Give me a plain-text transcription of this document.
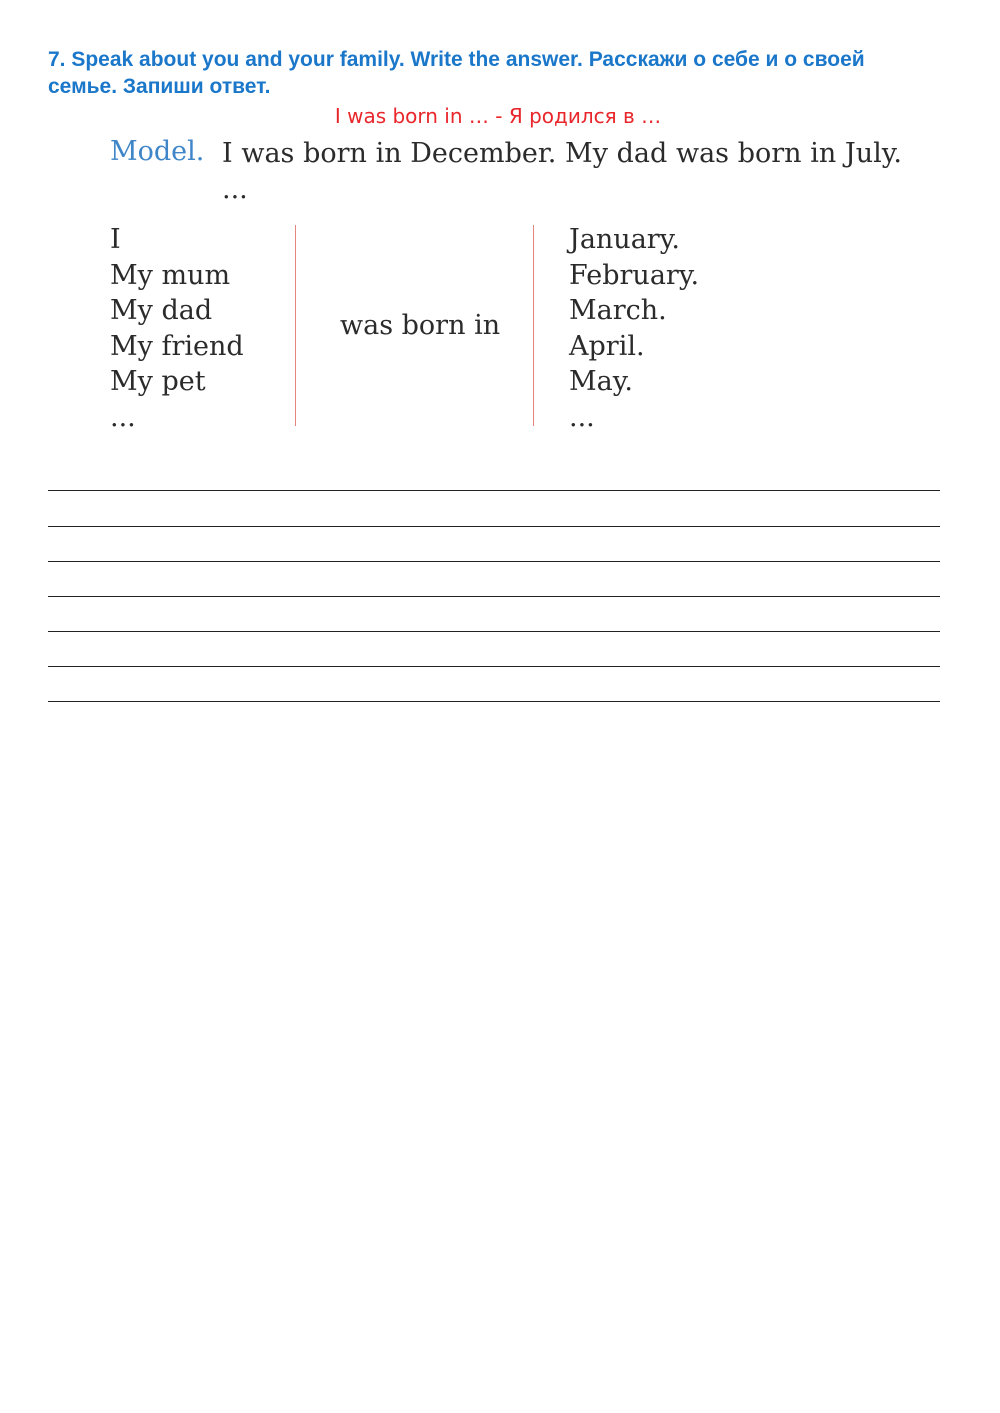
7. Speak about you and your family. Write the answer. Расскажи о себе и о своей семье. Запиши ответ.
I was born in … - Я родился в …
Model. I was born in December. My dad was born in July. ...
I
My mum
My dad
My friend
My pet
...
was born in
January.
February.
March.
April.
May.
...
